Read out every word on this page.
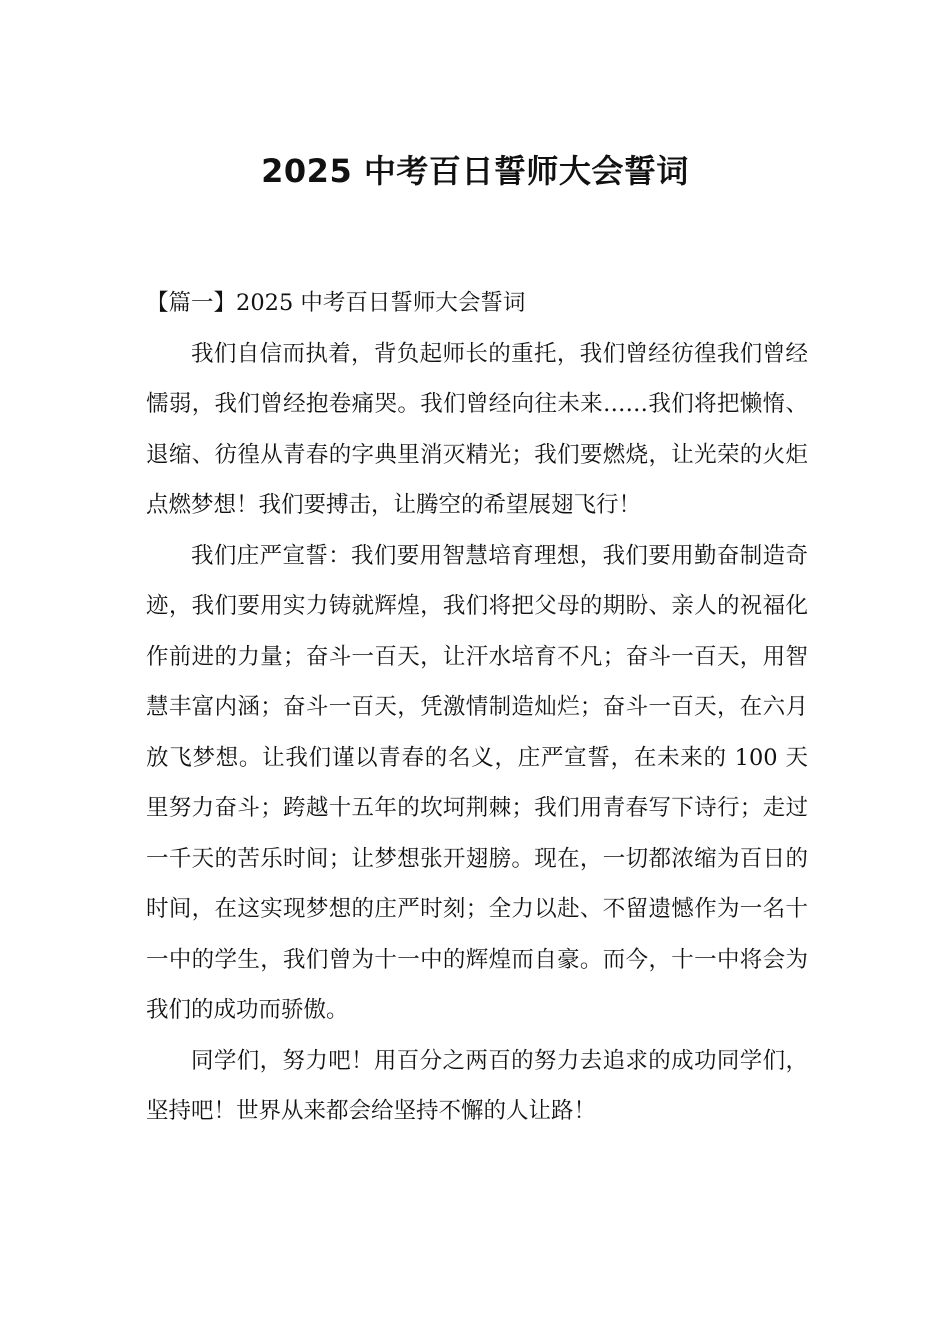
2025 中考百日誓师大会誓词
【篇一】2025 中考百日誓师大会誓词

我们自信而执着，背负起师长的重托，我们曾经彷徨我们曾经懦弱，我们曾经抱卷痛哭。我们曾经向往未来……我们将把懒惰、退缩、彷徨从青春的字典里消灭精光；我们要燃烧，让光荣的火炬点燃梦想！我们要搏击，让腾空的希望展翅飞行！

我们庄严宣誓：我们要用智慧培育理想，我们要用勤奋制造奇迹，我们要用实力铸就辉煌，我们将把父母的期盼、亲人的祝福化作前进的力量；奋斗一百天，让汗水培育不凡；奋斗一百天，用智慧丰富内涵；奋斗一百天，凭激情制造灿烂；奋斗一百天，在六月放飞梦想。让我们谨以青春的名义，庄严宣誓，在未来的 100 天里努力奋斗；跨越十五年的坎坷荆棘；我们用青春写下诗行；走过一千天的苦乐时间；让梦想张开翅膀。现在，一切都浓缩为百日的时间，在这实现梦想的庄严时刻；全力以赴、不留遗憾作为一名十一中的学生，我们曾为十一中的辉煌而自豪。而今，十一中将会为我们的成功而骄傲。

同学们，努力吧！用百分之两百的努力去追求的成功同学们，坚持吧！世界从来都会给坚持不懈的人让路！
